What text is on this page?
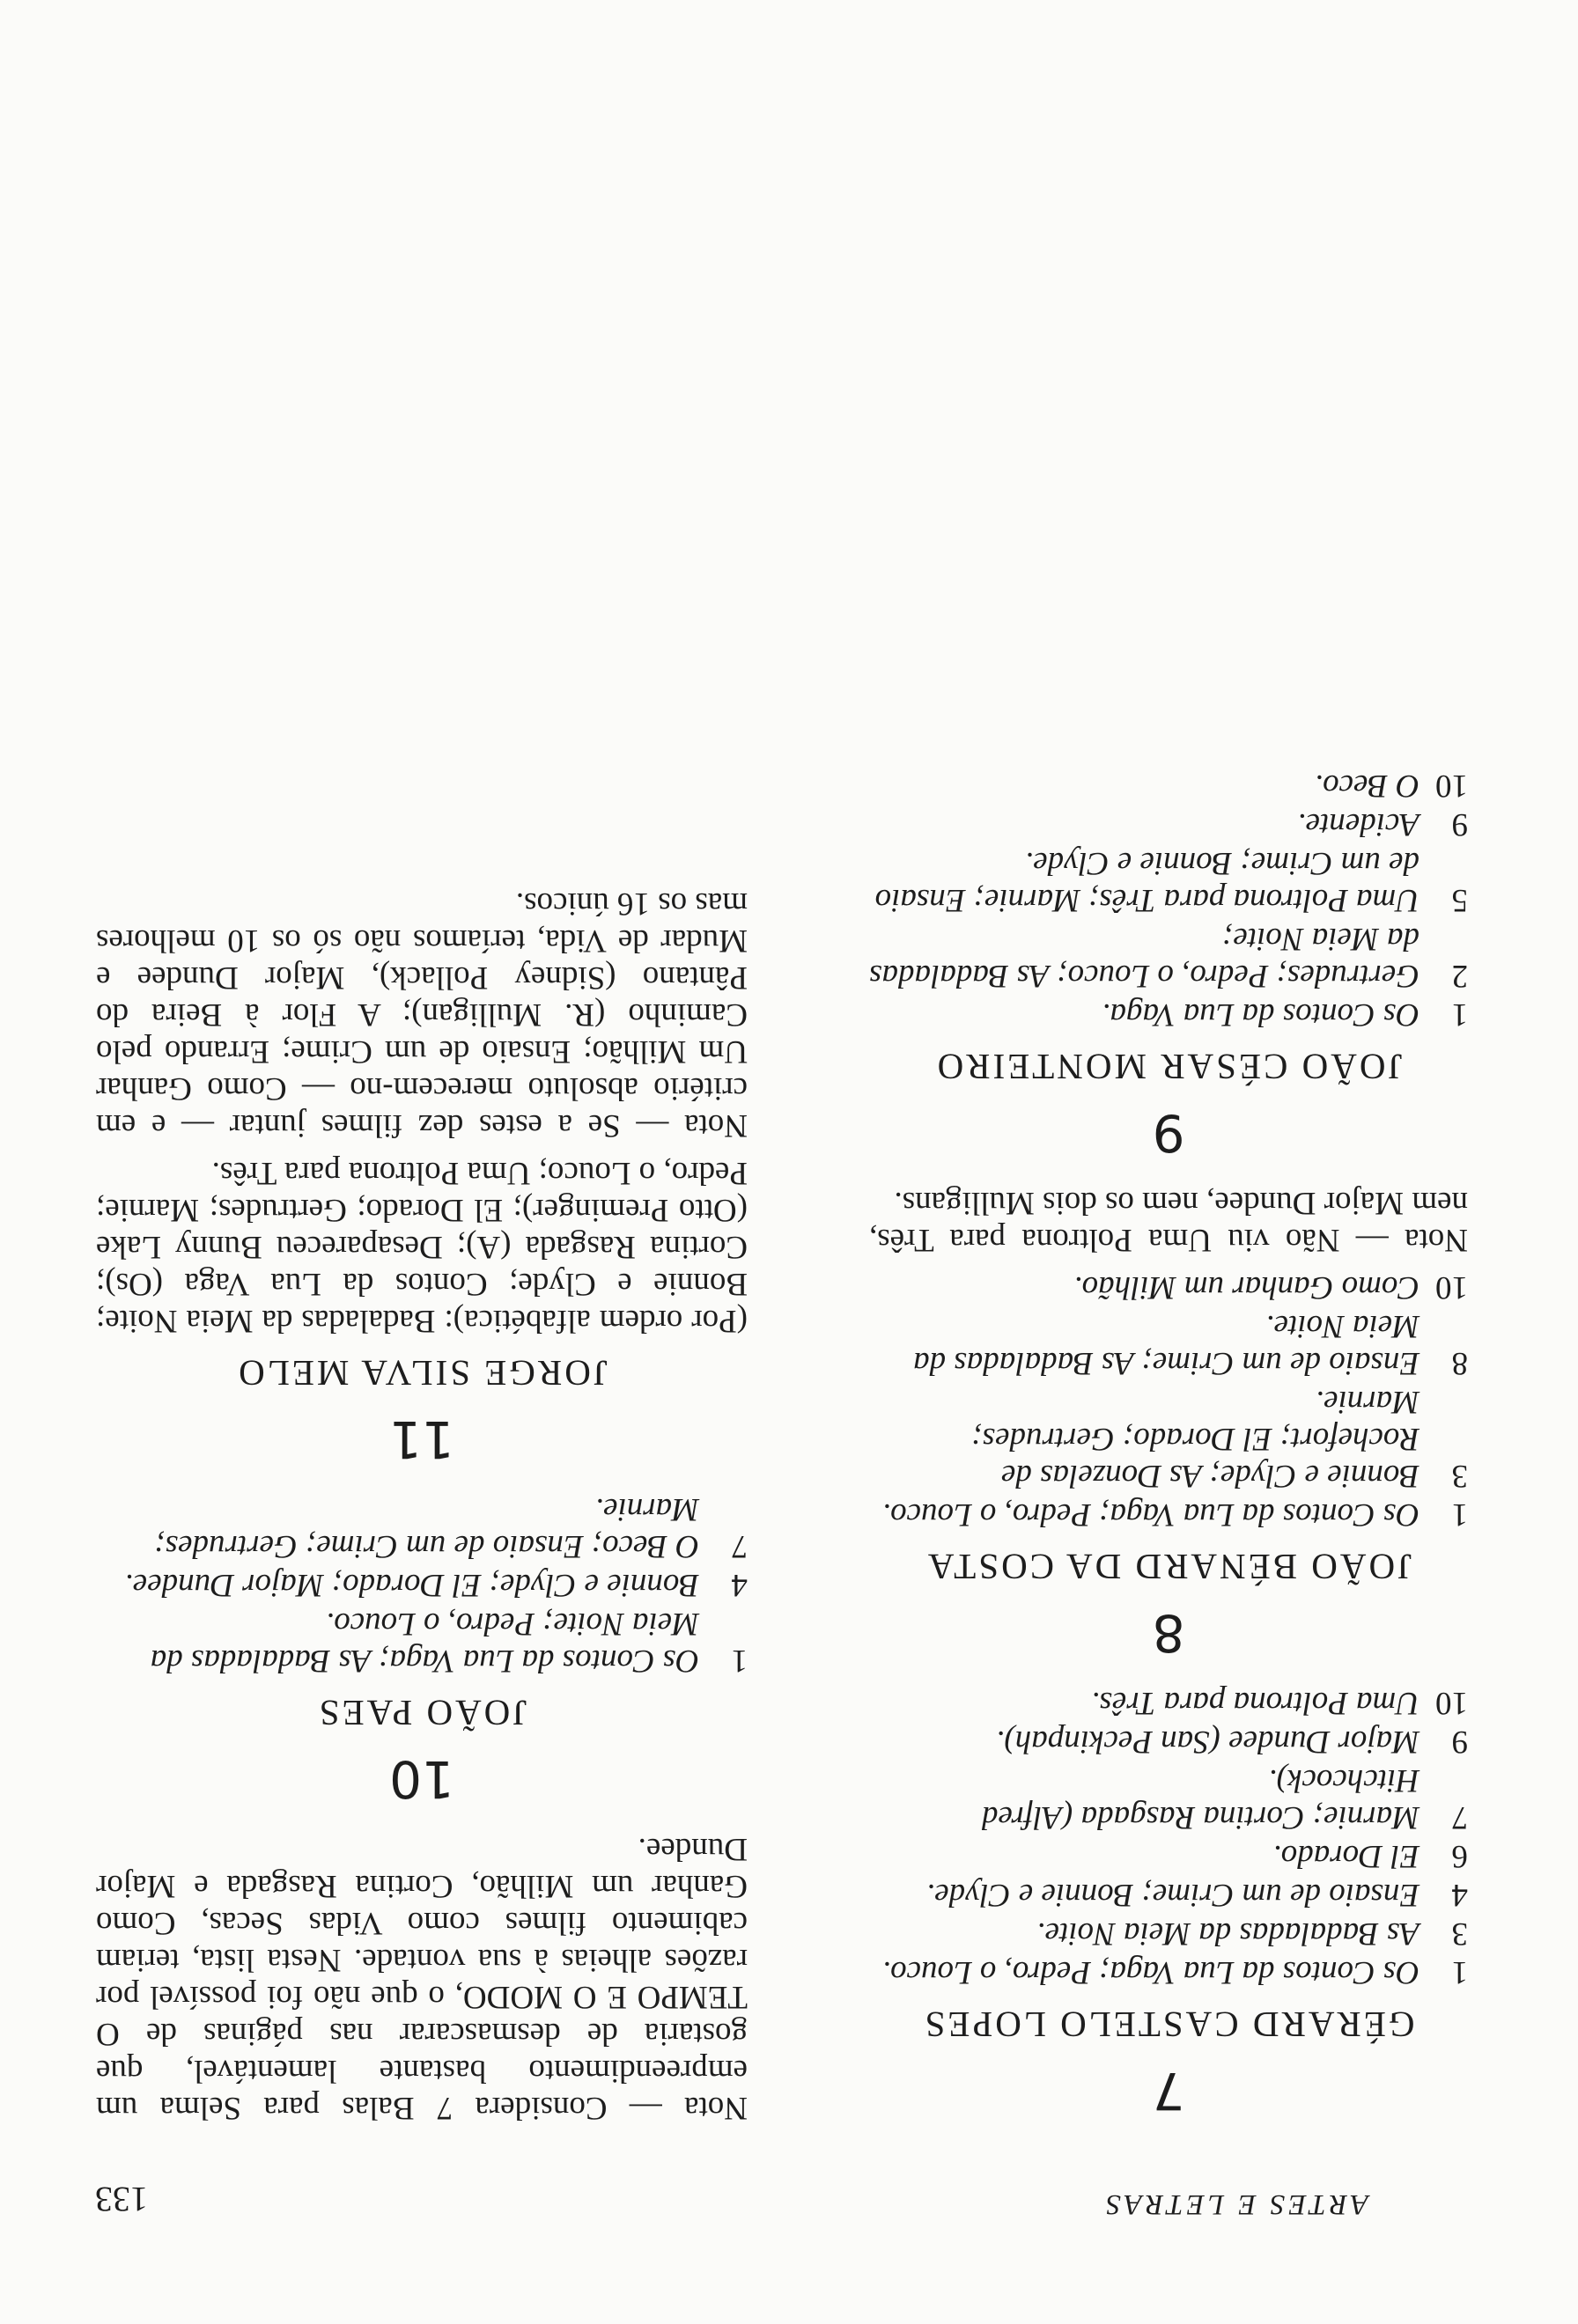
ARTES E LETRAS
133
7
GÉRARD CASTELO LOPES
1
Os Contos da Lua Vaga; Pedro, o Louco.
3
As Badaladas da Meia Noite.
4
Ensaio de um Crime; Bonnie e Clyde.
6
El Dorado.
7
Marnie; Cortina Rasgada (Alfred Hitchcock).
9
Major Dundee (San Peckinpah).
10
Uma Poltrona para Três.
8
JOÃO BÉNARD DA COSTA
1
Os Contos da Lua Vaga; Pedro, o Louco.
3
Bonnie e Clyde; As Donzelas de Rochefort; El Dorado; Gertrudes; Marnie.
8
Ensaio de um Crime; As Badaladas da Meia Noite.
10
Como Ganhar um Milhão.

Nota — Não viu Uma Poltrona para Três, nem Major Dundee, nem os dois Mulligans.

9
JOÃO CÉSAR MONTEIRO
1
Os Contos da Lua Vaga.
2
Gertrudes; Pedro, o Louco; As Badaladas da Meia Noite;
5
Uma Poltrona para Três; Marnie; Ensaio de um Crime; Bonnie e Clyde.
9
Acidente.
10
O Beco.

Nota — Considera 7 Balas para Selma um empreendimento bastante lamentável, que gostaria de desmascarar nas páginas de O TEMPO E O MODO, o que não foi possível por razões alheias à sua vontade. Nesta lista, teriam cabimento filmes como Vidas Secas, Como Ganhar um Milhão, Cortina Rasgada e Major Dundee.

10
JOÃO PAES
1
Os Contos da Lua Vaga; As Badaladas da Meia Noite; Pedro, o Louco.
4
Bonnie e Clyde; El Dorado; Major Dundee.
7
O Beco; Ensaio de um Crime; Gertrudes; Marnie.
11
JORGE SILVA MELO

(Por ordem alfabética): Badaladas da Meia Noite; Bonnie e Clyde; Contos da Lua Vaga (Os); Cortina Rasgada (A); Desapareceu Bunny Lake (Otto Preminger); El Dorado; Gertrudes; Marnie; Pedro, o Louco; Uma Poltrona para Três.

Nota — Se a estes dez filmes juntar — e em critério absoluto merecem-no — Como Ganhar Um Milhão; Ensaio de um Crime; Errando pelo Caminho (R. Mulligan); A Flor à Beira do Pântano (Sidney Pollack), Major Dundee e Mudar de Vida, teríamos não só os 10 melhores mas os 16 únicos.
